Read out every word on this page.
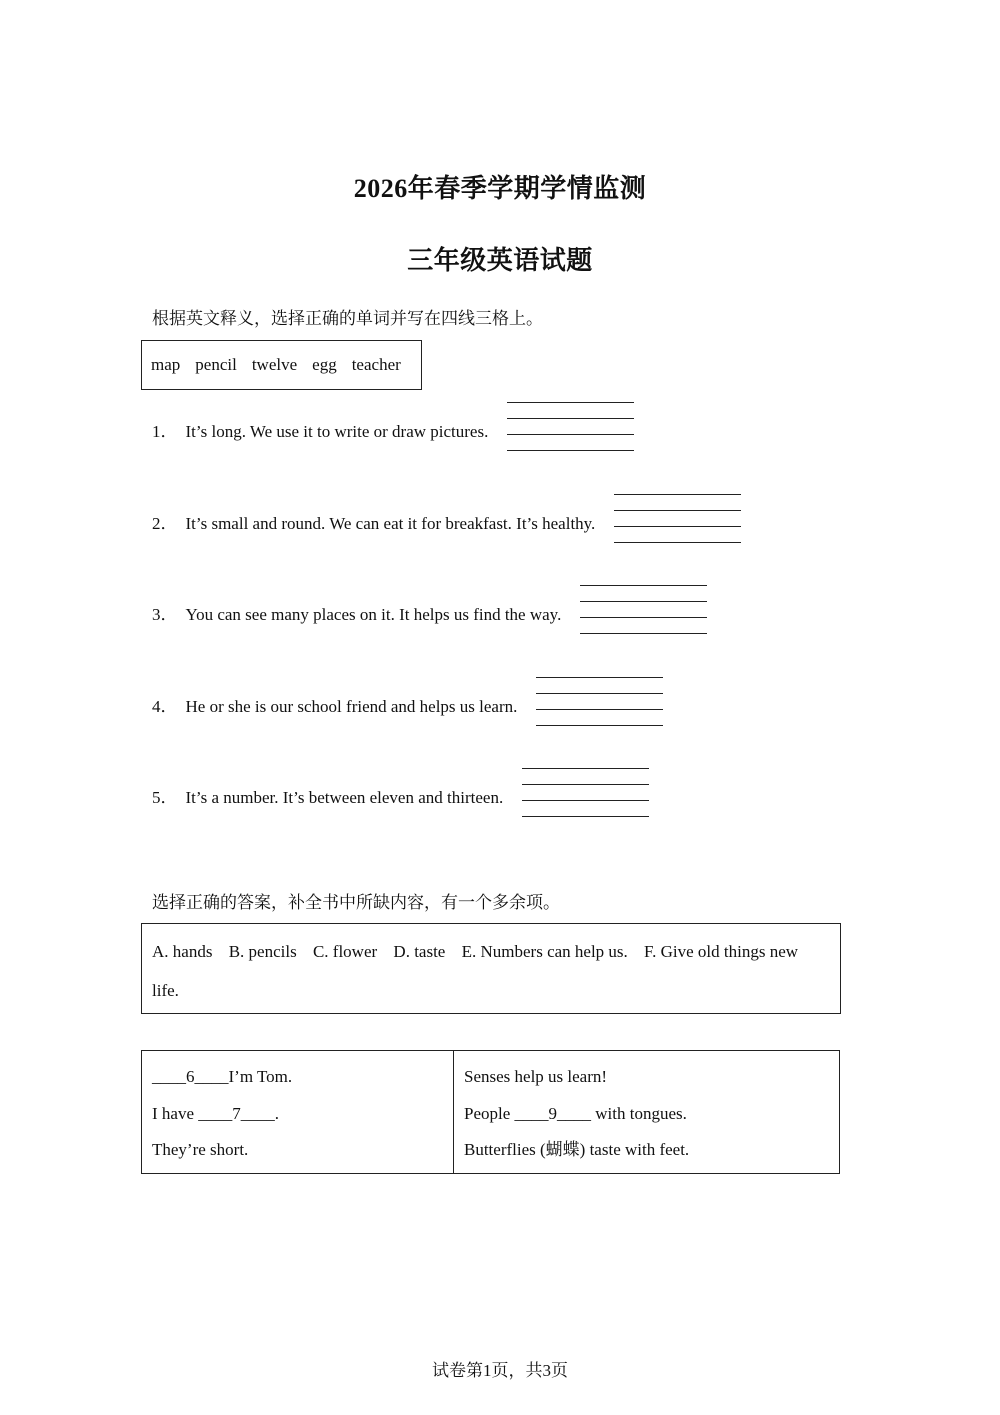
2026年春季学期学情监测
三年级英语试题
根据英文释义，选择正确的单词并写在四线三格上。
map pencil twelve egg teacher
1． It’s long. We use it to write or draw pictures.
2． It’s small and round. We can eat it for breakfast. It’s healthy.
3． You can see many places on it. It helps us find the way.
4． He or she is our school friend and helps us learn.
5． It’s a number. It’s between eleven and thirteen.
选择正确的答案，补全书中所缺内容，有一个多余项。
A. hands B. pencils C. flower D. taste E. Numbers can help us. F. Give old things new life.
____6____I’m Tom.
I have ____7____.
They’re short.
Senses help us learn!
People ____9____ with tongues.
Butterflies (蝴蝶) taste with feet.
试卷第1页，共3页
